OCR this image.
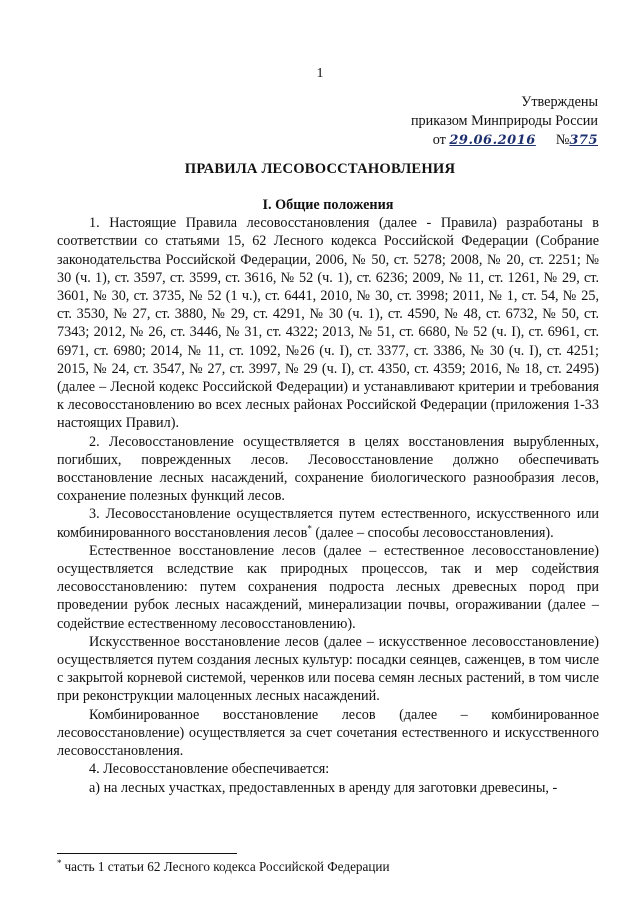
1
Утверждены
приказом Минприроды России
от 29.06.2016 №375
ПРАВИЛА ЛЕСОВОССТАНОВЛЕНИЯ
I. Общие положения

1. Настоящие Правила лесовосстановления (далее - Правила) разработаны в соответствии со статьями 15, 62 Лесного кодекса Российской Федерации (Собрание законодательства Российской Федерации, 2006, № 50, ст. 5278; 2008, № 20, ст. 2251; № 30 (ч. 1), ст. 3597, ст. 3599, ст. 3616, № 52 (ч. 1), ст. 6236; 2009, № 11, ст. 1261, № 29, ст. 3601, № 30, ст. 3735, № 52 (1 ч.), ст. 6441, 2010, № 30, ст. 3998; 2011, № 1, ст. 54, № 25, ст. 3530, № 27, ст. 3880, № 29, ст. 4291, № 30 (ч. 1), ст. 4590, № 48, ст. 6732, № 50, ст. 7343; 2012, № 26, ст. 3446, № 31, ст. 4322; 2013, № 51, ст. 6680, № 52 (ч. I), ст. 6961, ст. 6971, ст. 6980; 2014, № 11, ст. 1092, №26 (ч. I), ст. 3377, ст. 3386, № 30 (ч. I), ст. 4251; 2015, № 24, ст. 3547, № 27, ст. 3997, № 29 (ч. I), ст. 4350, ст. 4359; 2016, № 18, ст. 2495) (далее – Лесной кодекс Российской Федерации) и устанавливают критерии и требования к лесовосстановлению во всех лесных районах Российской Федерации (приложения 1-33 настоящих Правил).

2. Лесовосстановление осуществляется в целях восстановления вырубленных, погибших, поврежденных лесов. Лесовосстановление должно обеспечивать восстановление лесных насаждений, сохранение биологического разнообразия лесов, сохранение полезных функций лесов.

3. Лесовосстановление осуществляется путем естественного, искусственного или комбинированного восстановления лесов* (далее – способы лесовосстановления).

Естественное восстановление лесов (далее – естественное лесовосстановление) осуществляется вследствие как природных процессов, так и мер содействия лесовосстановлению: путем сохранения подроста лесных древесных пород при проведении рубок лесных насаждений, минерализации почвы, огораживании (далее – содействие естественному лесовосстановлению).

Искусственное восстановление лесов (далее – искусственное лесовосстановление) осуществляется путем создания лесных культур: посадки сеянцев, саженцев, в том числе с закрытой корневой системой, черенков или посева семян лесных растений, в том числе при реконструкции малоценных лесных насаждений.

Комбинированное восстановление лесов (далее – комбинированное лесовосстановление) осуществляется за счет сочетания естественного и искусственного лесовосстановления.

4. Лесовосстановление обеспечивается:

а) на лесных участках, предоставленных в аренду для заготовки древесины, -

* часть 1 статьи 62 Лесного кодекса Российской Федерации
